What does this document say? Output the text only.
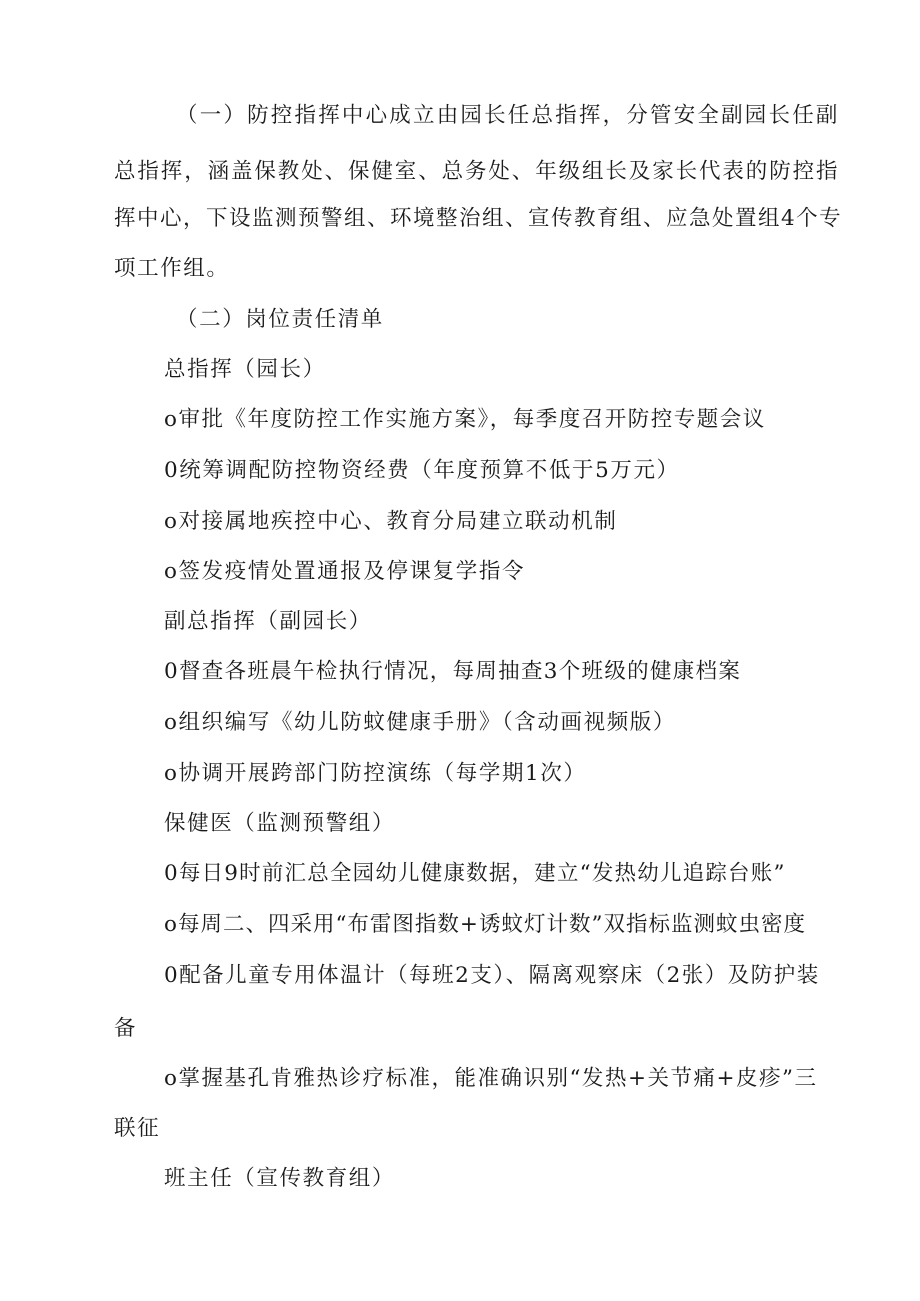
（一）防控指挥中心成立由园长任总指挥，分管安全副园长任副
总指挥，涵盖保教处、保健室、总务处、年级组长及家长代表的防控指
挥中心，下设监测预警组、环境整治组、宣传教育组、应急处置组4个专
项工作组。
（二）岗位责任清单
总指挥（园长）
o审批《年度防控工作实施方案》，每季度召开防控专题会议
0统筹调配防控物资经费（年度预算不低于5万元）
o对接属地疾控中心、教育分局建立联动机制
o签发疫情处置通报及停课复学指令
副总指挥（副园长）
0督查各班晨午检执行情况，每周抽查3个班级的健康档案
o组织编写《幼儿防蚊健康手册》（含动画视频版）
o协调开展跨部门防控演练（每学期1次）
保健医（监测预警组）
0每日9时前汇总全园幼儿健康数据，建立“发热幼儿追踪台账”
o每周二、四采用“布雷图指数+诱蚊灯计数”双指标监测蚊虫密度
0配备儿童专用体温计（每班2支）、隔离观察床（2张）及防护装
备
o掌握基孔肯雅热诊疗标准，能准确识别“发热+关节痛+皮疹”三
联征
班主任（宣传教育组）
